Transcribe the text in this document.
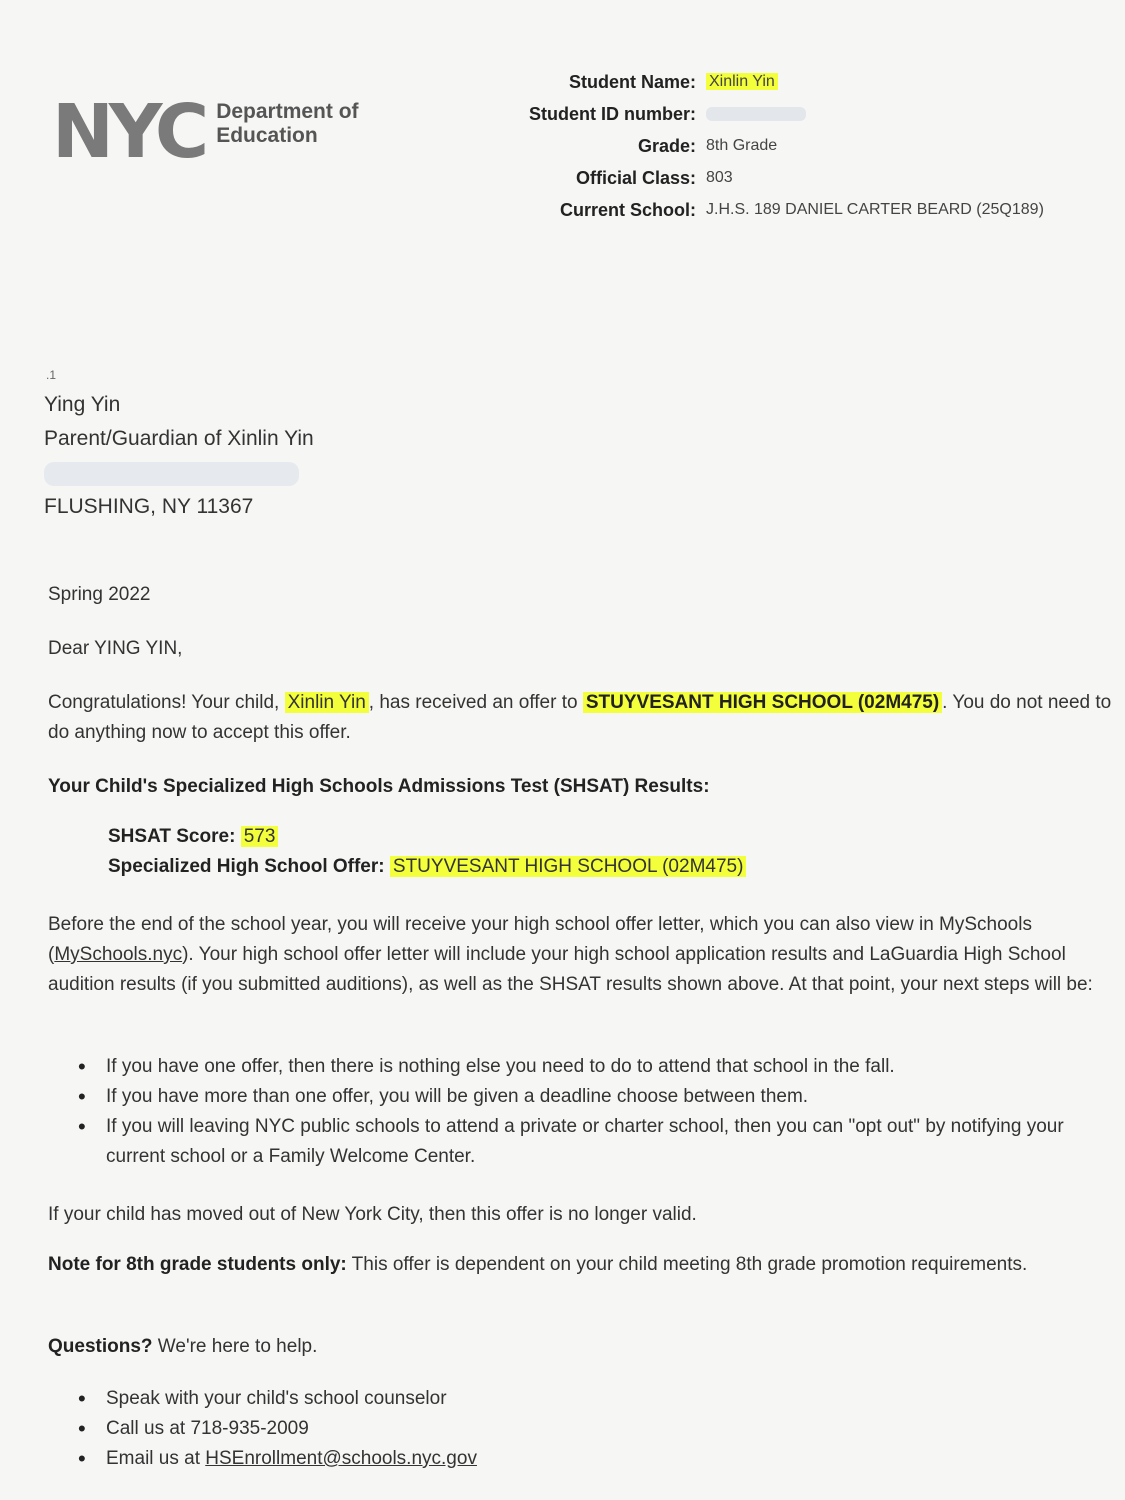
NYC Department of
Education
Student Name: Xinlin Yin
Student ID number:
Grade: 8th Grade
Official Class: 803
Current School: J.H.S. 189 DANIEL CARTER BEARD (25Q189)
.1
Ying Yin
Parent/Guardian of Xinlin Yin
FLUSHING, NY 11367
Spring 2022
Dear YING YIN,
Congratulations! Your child, Xinlin Yin , has received an offer to STUYVESANT HIGH SCHOOL (02M475) . You do not need to do anything now to accept this offer.
Your Child's Specialized High Schools Admissions Test (SHSAT) Results:
SHSAT Score: 573
Specialized High School Offer: STUYVESANT HIGH SCHOOL (02M475)
Before the end of the school year, you will receive your high school offer letter, which you can also view in MySchools (MySchools.nyc). Your high school offer letter will include your high school application results and LaGuardia High School audition results (if you submitted auditions), as well as the SHSAT results shown above. At that point, your next steps will be:
• If you have one offer, then there is nothing else you need to do to attend that school in the fall.
• If you have more than one offer, you will be given a deadline choose between them.
• If you will leaving NYC public schools to attend a private or charter school, then you can "opt out" by notifying your current school or a Family Welcome Center.
If your child has moved out of New York City, then this offer is no longer valid.
Note for 8th grade students only: This offer is dependent on your child meeting 8th grade promotion requirements.
Questions? We're here to help.
• Speak with your child's school counselor
• Call us at 718-935-2009
• Email us at HSEnrollment@schools.nyc.gov
